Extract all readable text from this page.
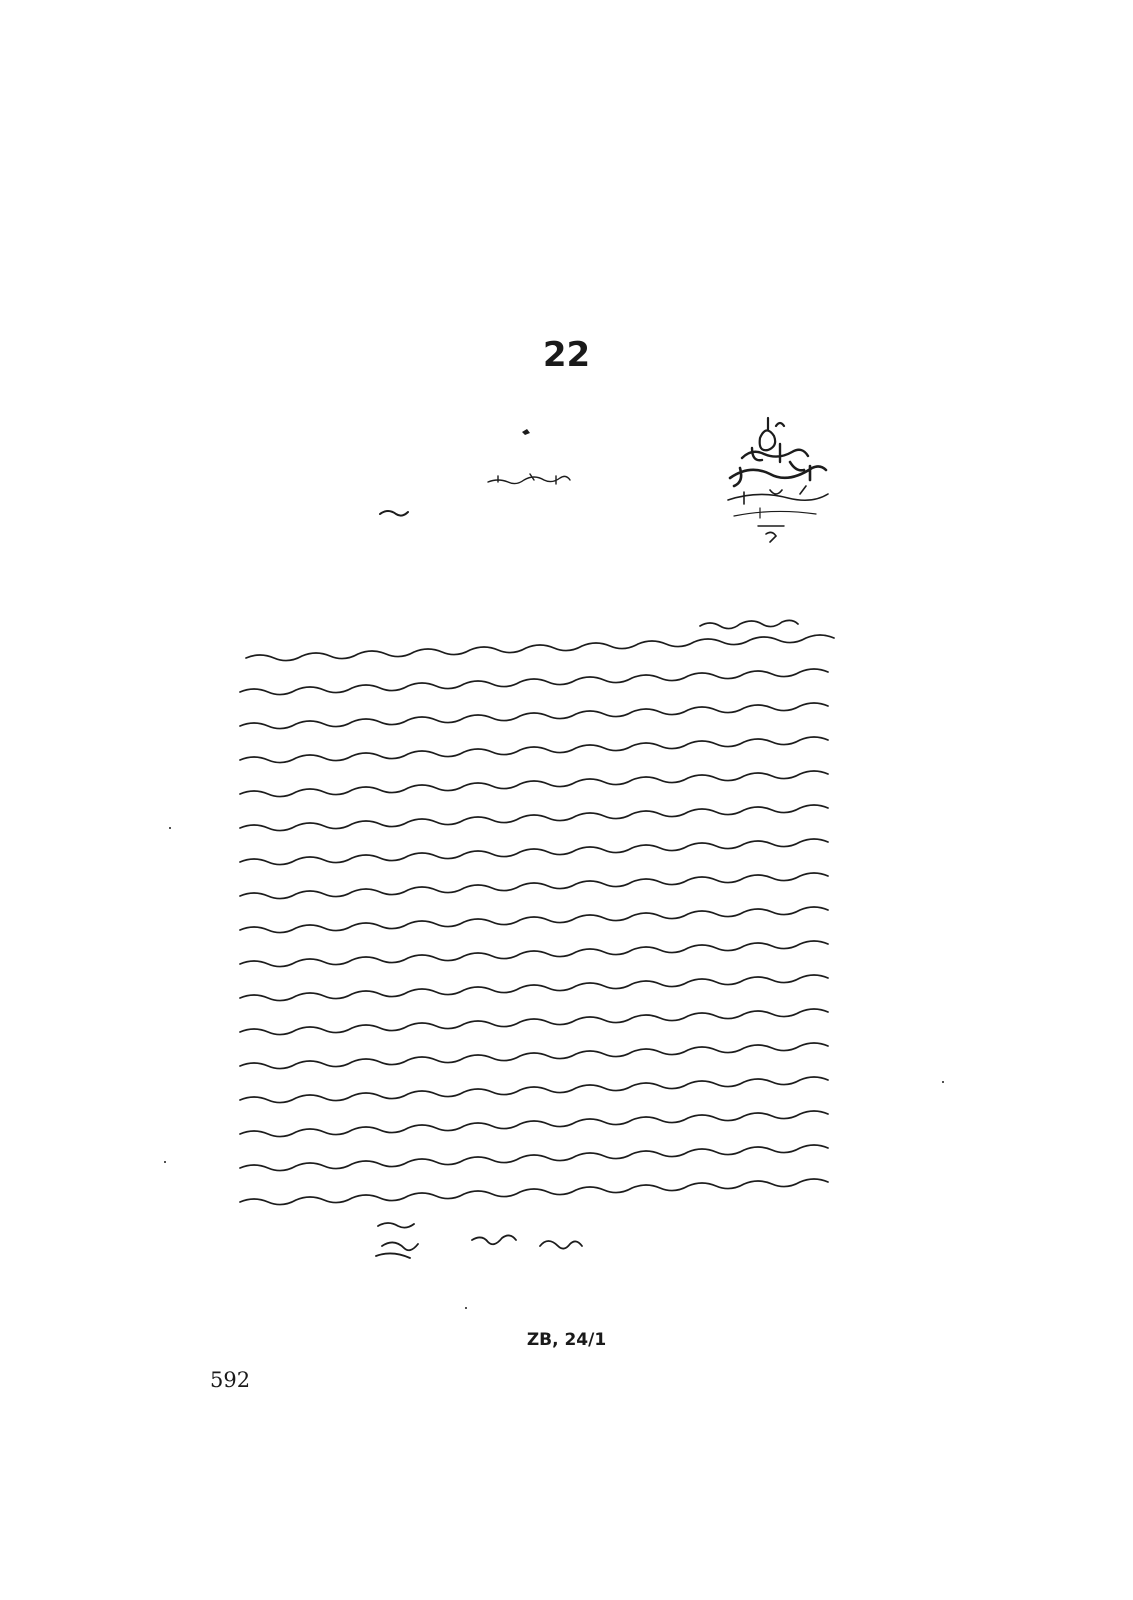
22
ZB, 24/1
592
